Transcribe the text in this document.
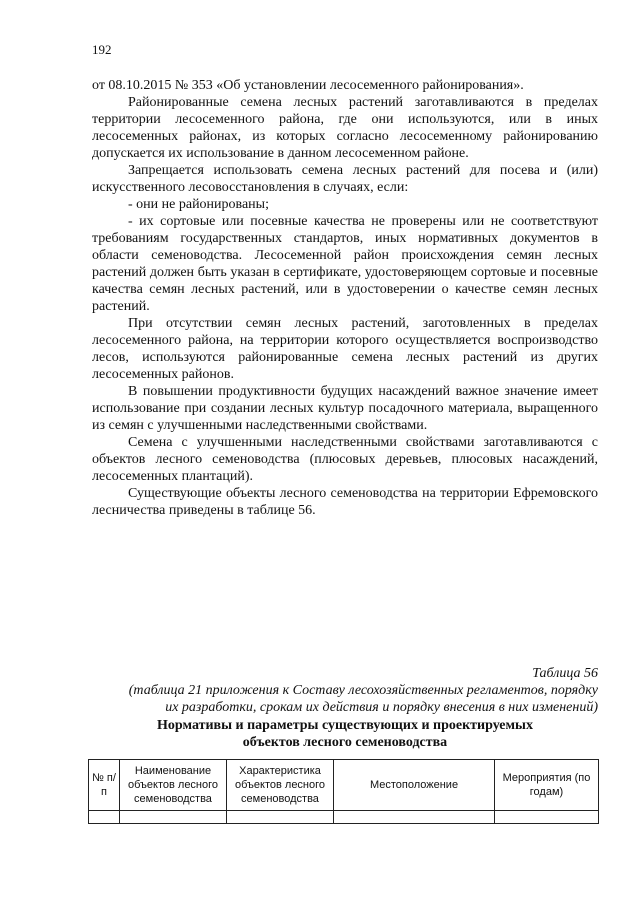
192

от 08.10.2015 № 353 «Об установлении лесосеменного районирования».

Районированные семена лесных растений заготавливаются в пределах территории лесосеменного района, где они используются, или в иных лесосеменных районах, из которых согласно лесосеменному районированию допускается их использование в данном лесосеменном районе.

Запрещается использовать семена лесных растений для посева и (или) искусственного лесовосстановления в случаях, если:

- они не районированы;

- их сортовые или посевные качества не проверены или не соответствуют требованиям государственных стандартов, иных нормативных документов в области семеноводства. Лесосеменной район происхождения семян лесных растений должен быть указан в сертификате, удостоверяющем сортовые и посевные качества семян лесных растений, или в удостоверении о качестве семян лесных растений.

При отсутствии семян лесных растений, заготовленных в пределах лесосеменного района, на территории которого осуществляется воспроизводство лесов, используются районированные семена лесных растений из других лесосеменных районов.

В повышении продуктивности будущих насаждений важное значение имеет использование при создании лесных культур посадочного материала, выращенного из семян с улучшенными наследственными свойствами.

Семена с улучшенными наследственными свойствами заготавливаются с объектов лесного семеноводства (плюсовых деревьев, плюсовых насаждений, лесосеменных плантаций).

Существующие объекты лесного семеноводства на территории Ефремовского лесничества приведены в таблице 56.

Таблица 56
(таблица 21 приложения к Составу лесохозяйственных регламентов, порядку
их разработки, срокам их действия и порядку внесения в них изменений)
Нормативы и параметры существующих и проектируемых
объектов лесного семеноводства
№ п/п	Наименование объектов лесного семеноводства	Характеристика объектов лесного семеноводства	Местоположение	Мероприятия (по годам)
